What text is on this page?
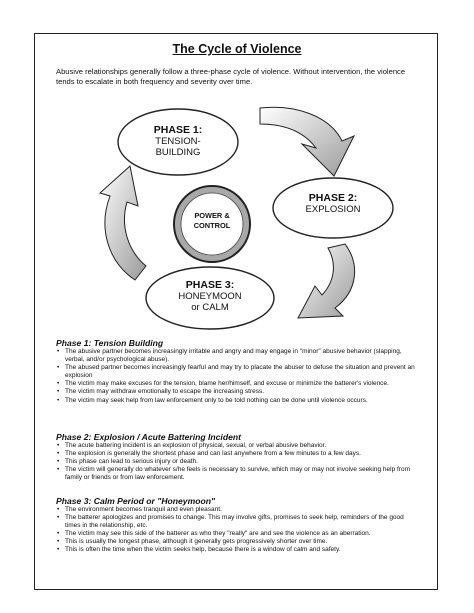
The Cycle of Violence
Abusive relationships generally follow a three-phase cycle of violence. Without intervention, the violence tends to escalate in both frequency and severity over time.
PHASE 1:
TENSION-
BUILDING
PHASE 2:
EXPLOSION
PHASE 3:
HONEYMOON
or CALM
POWER &
CONTROL
Phase 1: Tension Building
• The abusive partner becomes increasingly irritable and angry and may engage in "minor" abusive behavior (slapping, verbal, and/or psychological abuse).
• The abused partner becomes increasingly fearful and may try to placate the abuser to defuse the situation and prevent an explosion
• The victim may make excuses for the tension, blame her/himself, and excuse or minimize the batterer's violence.
• The victim may withdraw emotionally to escape the increasing stress.
• The victim may seek help from law enforcement only to be told nothing can be done until violence occurs.
Phase 2: Explosion / Acute Battering Incident
• The acute battering incident is an explosion of physical, sexual, or verbal abusive behavior.
• The explosion is generally the shortest phase and can last anywhere from a few minutes to a few days.
• This phase can lead to serious injury or death.
• The victim will generally do whatever s/he feels is necessary to survive, which may or may not involve seeking help from family or friends or from law enforcement.
Phase 3: Calm Period or "Honeymoon"
• The environment becomes tranquil and even pleasant.
• The batterer apologizes and promises to change. This may involve gifts, promises to seek help, reminders of the good times in the relationship, etc.
• The victim may see this side of the batterer as who they "really" are and see the violence as an aberration.
• This is usually the longest phase, although it generally gets progressively shorter over time.
• This is often the time when the victim seeks help, because there is a window of calm and safety.
